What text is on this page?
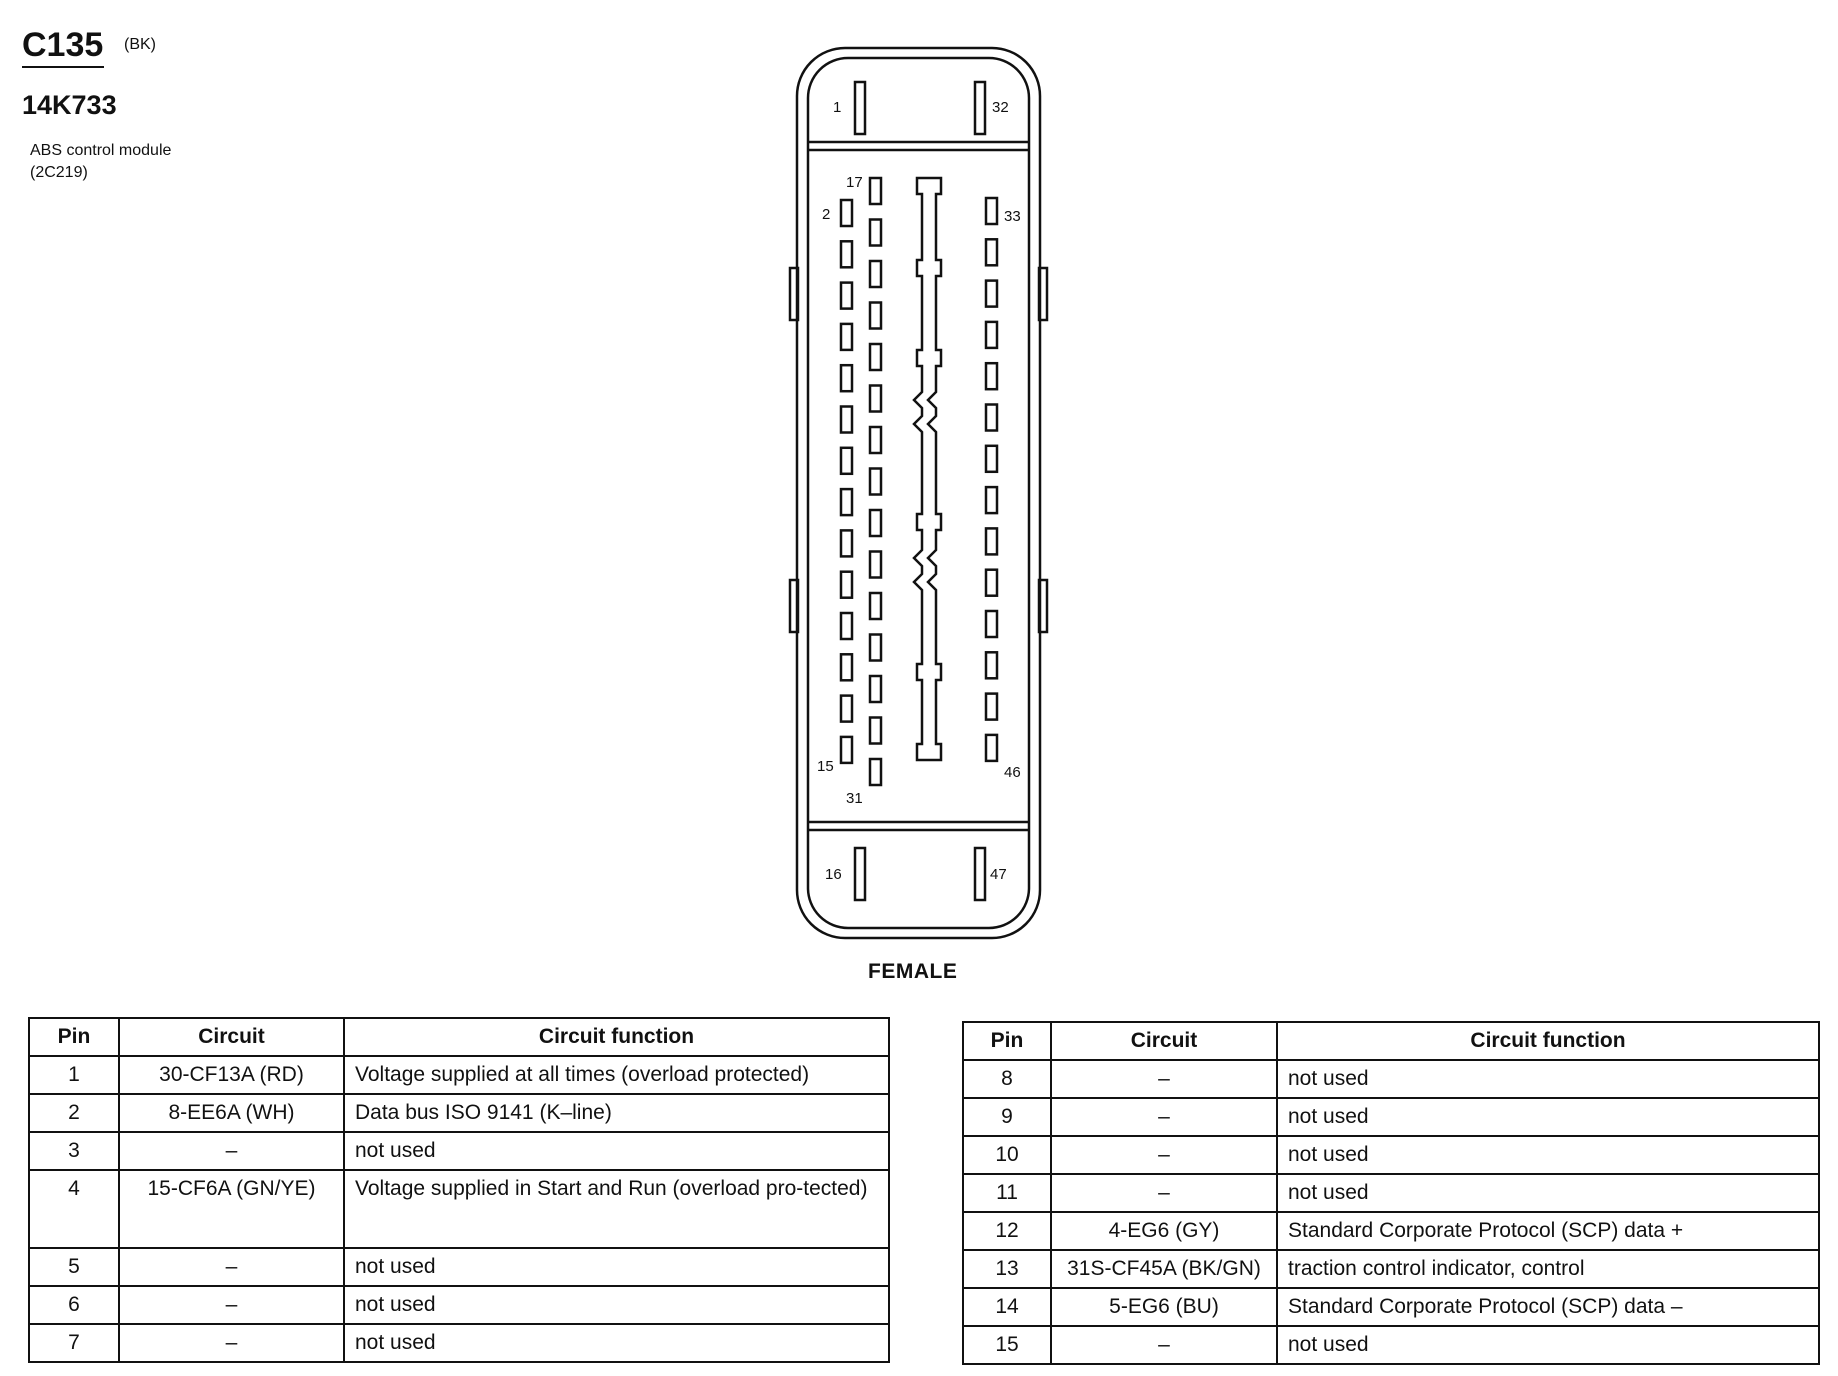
C135 (BK)
14K733
ABS control module
(2C219)
1	32
16	47
2
17
33
15
31
46
FEMALE
Pin	Circuit	Circuit function
1	30-CF13A (RD)	Voltage supplied at all times (overload protected)
2	8-EE6A (WH)	Data bus ISO 9141 (K–line)
3	–	not used
4	15-CF6A (GN/YE)	Voltage supplied in Start and Run (overload pro-tected)
5	–	not used
6	–	not used
7	–	not used
Pin	Circuit	Circuit function
8	–	not used
9	–	not used
10	–	not used
11	–	not used
12	4-EG6 (GY)	Standard Corporate Protocol (SCP) data +
13	31S-CF45A (BK/GN)	traction control indicator, control
14	5-EG6 (BU)	Standard Corporate Protocol (SCP) data –
15	–	not used
